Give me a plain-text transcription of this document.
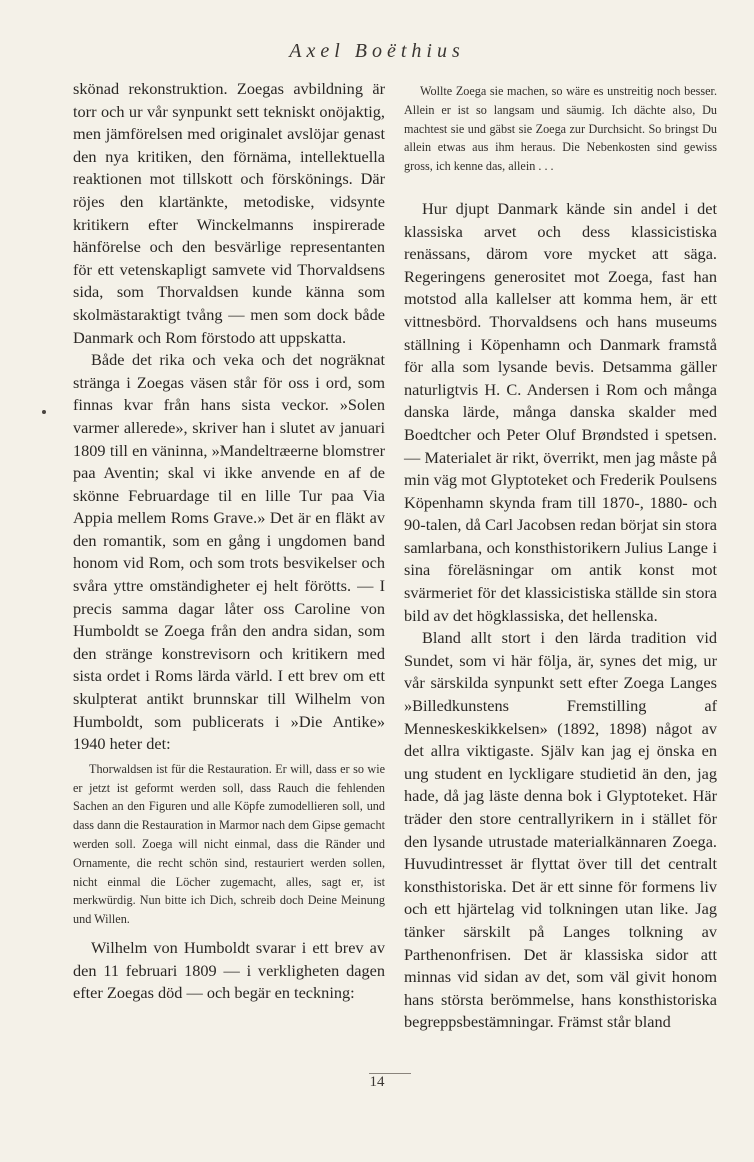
Axel Boëthius

skönad rekonstruktion. Zoegas avbildning är torr och ur vår synpunkt sett tekniskt onöjaktig, men jämförelsen med originalet avslöjar genast den nya kritiken, den förnäma, intellektuella reaktionen mot tillskott och förskönings. Där röjes den klartänkte, metodiske, vidsynte kritikern efter Winckelmanns inspirerade hänförelse och den besvärlige representanten för ett vetenskapligt samvete vid Thorvaldsens sida, som Thorvaldsen kunde känna som skolmästaraktigt tvång — men som dock både Danmark och Rom förstodo att uppskatta.

Både det rika och veka och det nogräknat stränga i Zoegas väsen står för oss i ord, som finnas kvar från hans sista veckor. »Solen varmer allerede», skriver han i slutet av januari 1809 till en väninna, »Mandeltræerne blomstrer paa Aventin; skal vi ikke anvende en af de skönne Februardage til en lille Tur paa Via Appia mellem Roms Grave.» Det är en fläkt av den romantik, som en gång i ungdomen band honom vid Rom, och som trots besvikelser och svåra yttre omständigheter ej helt förötts. — I precis samma dagar låter oss Caroline von Humboldt se Zoega från den andra sidan, som den stränge konstrevisorn och kritikern med sista ordet i Roms lärda värld. I ett brev om ett skulpterat antikt brunnskar till Wilhelm von Humboldt, som publicerats i »Die Antike» 1940 heter det:

Thorwaldsen ist für die Restauration. Er will, dass er so wie er jetzt ist geformt werden soll, dass Rauch die fehlenden Sachen an den Figuren und alle Köpfe zumodellieren soll, und dass dann die Restauration in Marmor nach dem Gipse gemacht werden soll. Zoega will nicht einmal, dass die Ränder und Ornamente, die recht schön sind, restauriert werden sollen, nicht einmal die Löcher zugemacht, alles, sagt er, ist merkwürdig. Nun bitte ich Dich, schreib doch Deine Meinung und Willen.

Wilhelm von Humboldt svarar i ett brev av den 11 februari 1809 — i verkligheten dagen efter Zoegas död — och begär en teckning:

Wollte Zoega sie machen, so wäre es unstreitig noch besser. Allein er ist so langsam und säumig. Ich dächte also, Du machtest sie und gäbst sie Zoega zur Durchsicht. So bringst Du allein etwas aus ihm heraus. Die Nebenkosten sind gewiss gross, ich kenne das, allein . . .

Hur djupt Danmark kände sin andel i det klassiska arvet och dess klassicistiska renässans, därom vore mycket att säga. Regeringens generositet mot Zoega, fast han motstod alla kallelser att komma hem, är ett vittnesbörd. Thorvaldsens och hans museums ställning i Köpenhamn och Danmark framstå för alla som lysande bevis. Detsamma gäller naturligtvis H. C. Andersen i Rom och många danska lärde, många danska skalder med Boedtcher och Peter Oluf Brøndsted i spetsen. — Materialet är rikt, överrikt, men jag måste på min väg mot Glyptoteket och Frederik Poulsens Köpenhamn skynda fram till 1870-, 1880- och 90-talen, då Carl Jacobsen redan börjat sin stora samlarbana, och konsthistorikern Julius Lange i sina föreläsningar om antik konst mot svärmeriet för det klassicistiska ställde sin stora bild av det högklassiska, det hellenska.

Bland allt stort i den lärda tradition vid Sundet, som vi här följa, är, synes det mig, ur vår särskilda synpunkt sett efter Zoega Langes »Billedkunstens Fremstilling af Menneskeskikkelsen» (1892, 1898) något av det allra viktigaste. Själv kan jag ej önska en ung student en lyckligare studietid än den, jag hade, då jag läste denna bok i Glyptoteket. Här träder den store centrallyrikern in i stället för den lysande utrustade materialkännaren Zoega. Huvudintresset är flyttat över till det centralt konsthistoriska. Det är ett sinne för formens liv och ett hjärtelag vid tolkningen utan like. Jag tänker särskilt på Langes tolkning av Parthenonfrisen. Det är klassiska sidor att minnas vid sidan av det, som väl givit honom hans största berömmelse, hans konsthistoriska begreppsbestämningar. Främst står bland

14
